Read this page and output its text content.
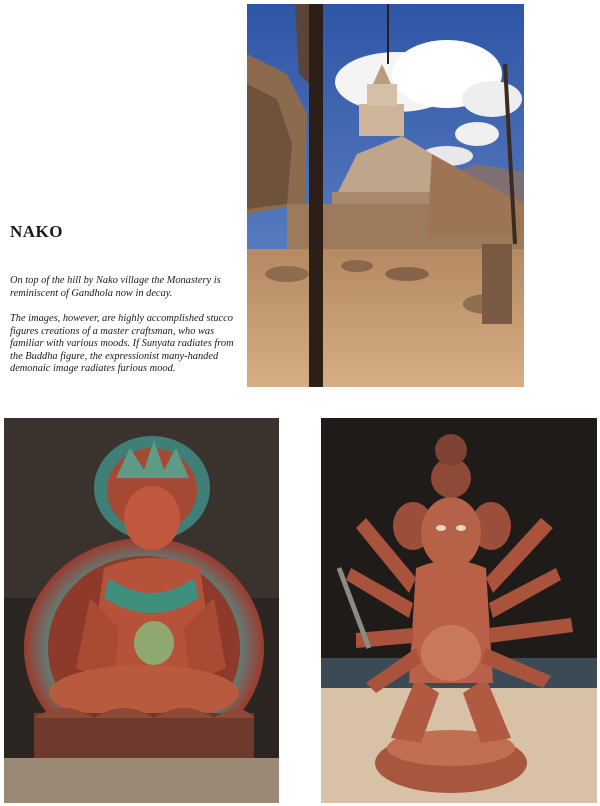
NAKO

On top of the hill by Nako village the Monastery is reminiscent of Gandhola now in decay.

The images, however, are highly accomplished stucco figures creations of a master craftsman, who was familiar with various moods. If Sunyata radiates from the Buddha figure, the expressionist many-handed demonaic image radiates furious mood.
